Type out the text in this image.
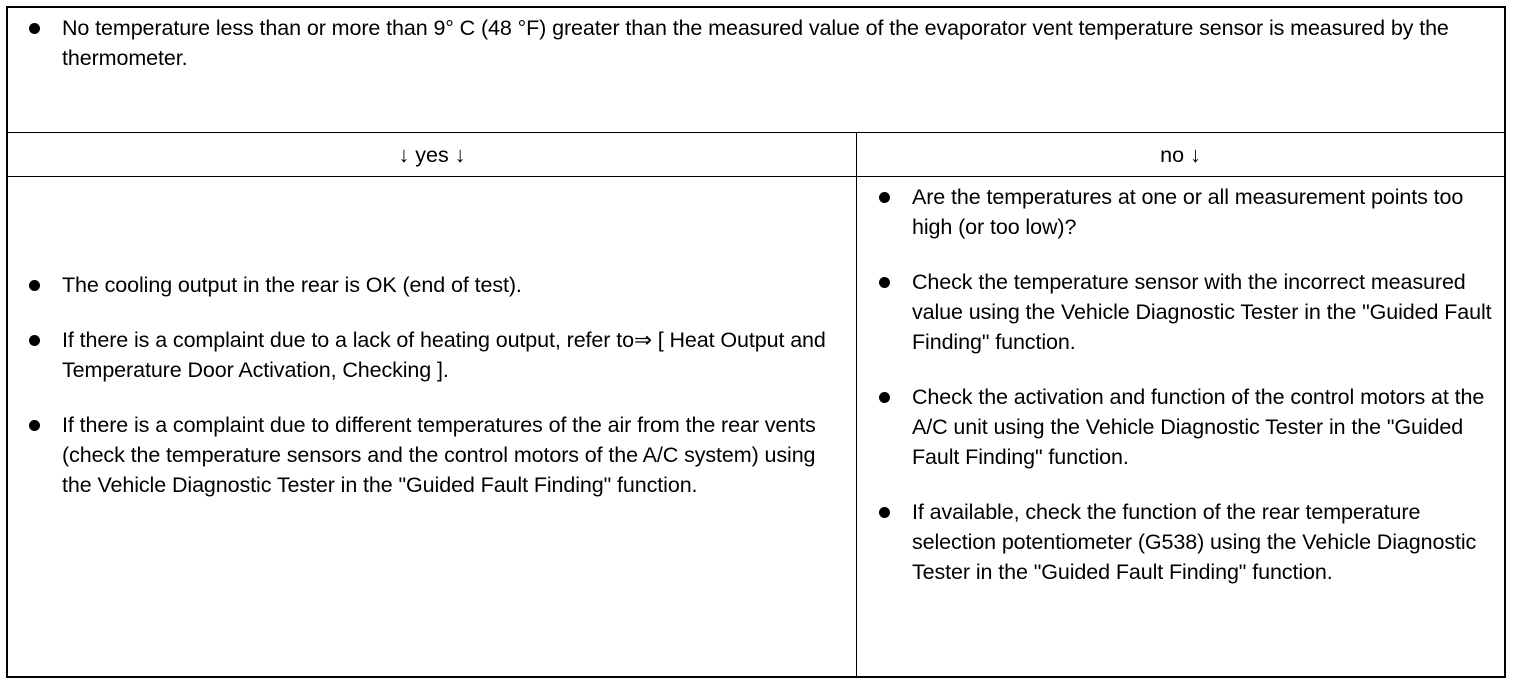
No temperature less than or more than 9° C (48 °F) greater than the measured value of the evaporator vent temperature sensor is measured by the thermometer.
↓ yes ↓	no ↓
The cooling output in the rear is OK (end of test).
If there is a complaint due to a lack of heating output, refer to⇒ [ Heat Output and Temperature Door Activation, Checking ].
If there is a complaint due to different temperatures of the air from the rear vents (check the temperature sensors and the control motors of the A/C system) using the Vehicle Diagnostic Tester in the "Guided Fault Finding" function.
Are the temperatures at one or all measurement points too high (or too low)?
Check the temperature sensor with the incorrect measured value using the Vehicle Diagnostic Tester in the "Guided Fault Finding" function.
Check the activation and function of the control motors at the A/C unit using the Vehicle Diagnostic Tester in the "Guided Fault Finding" function.
If available, check the function of the rear temperature selection potentiometer (G538) using the Vehicle Diagnostic Tester in the "Guided Fault Finding" function.
